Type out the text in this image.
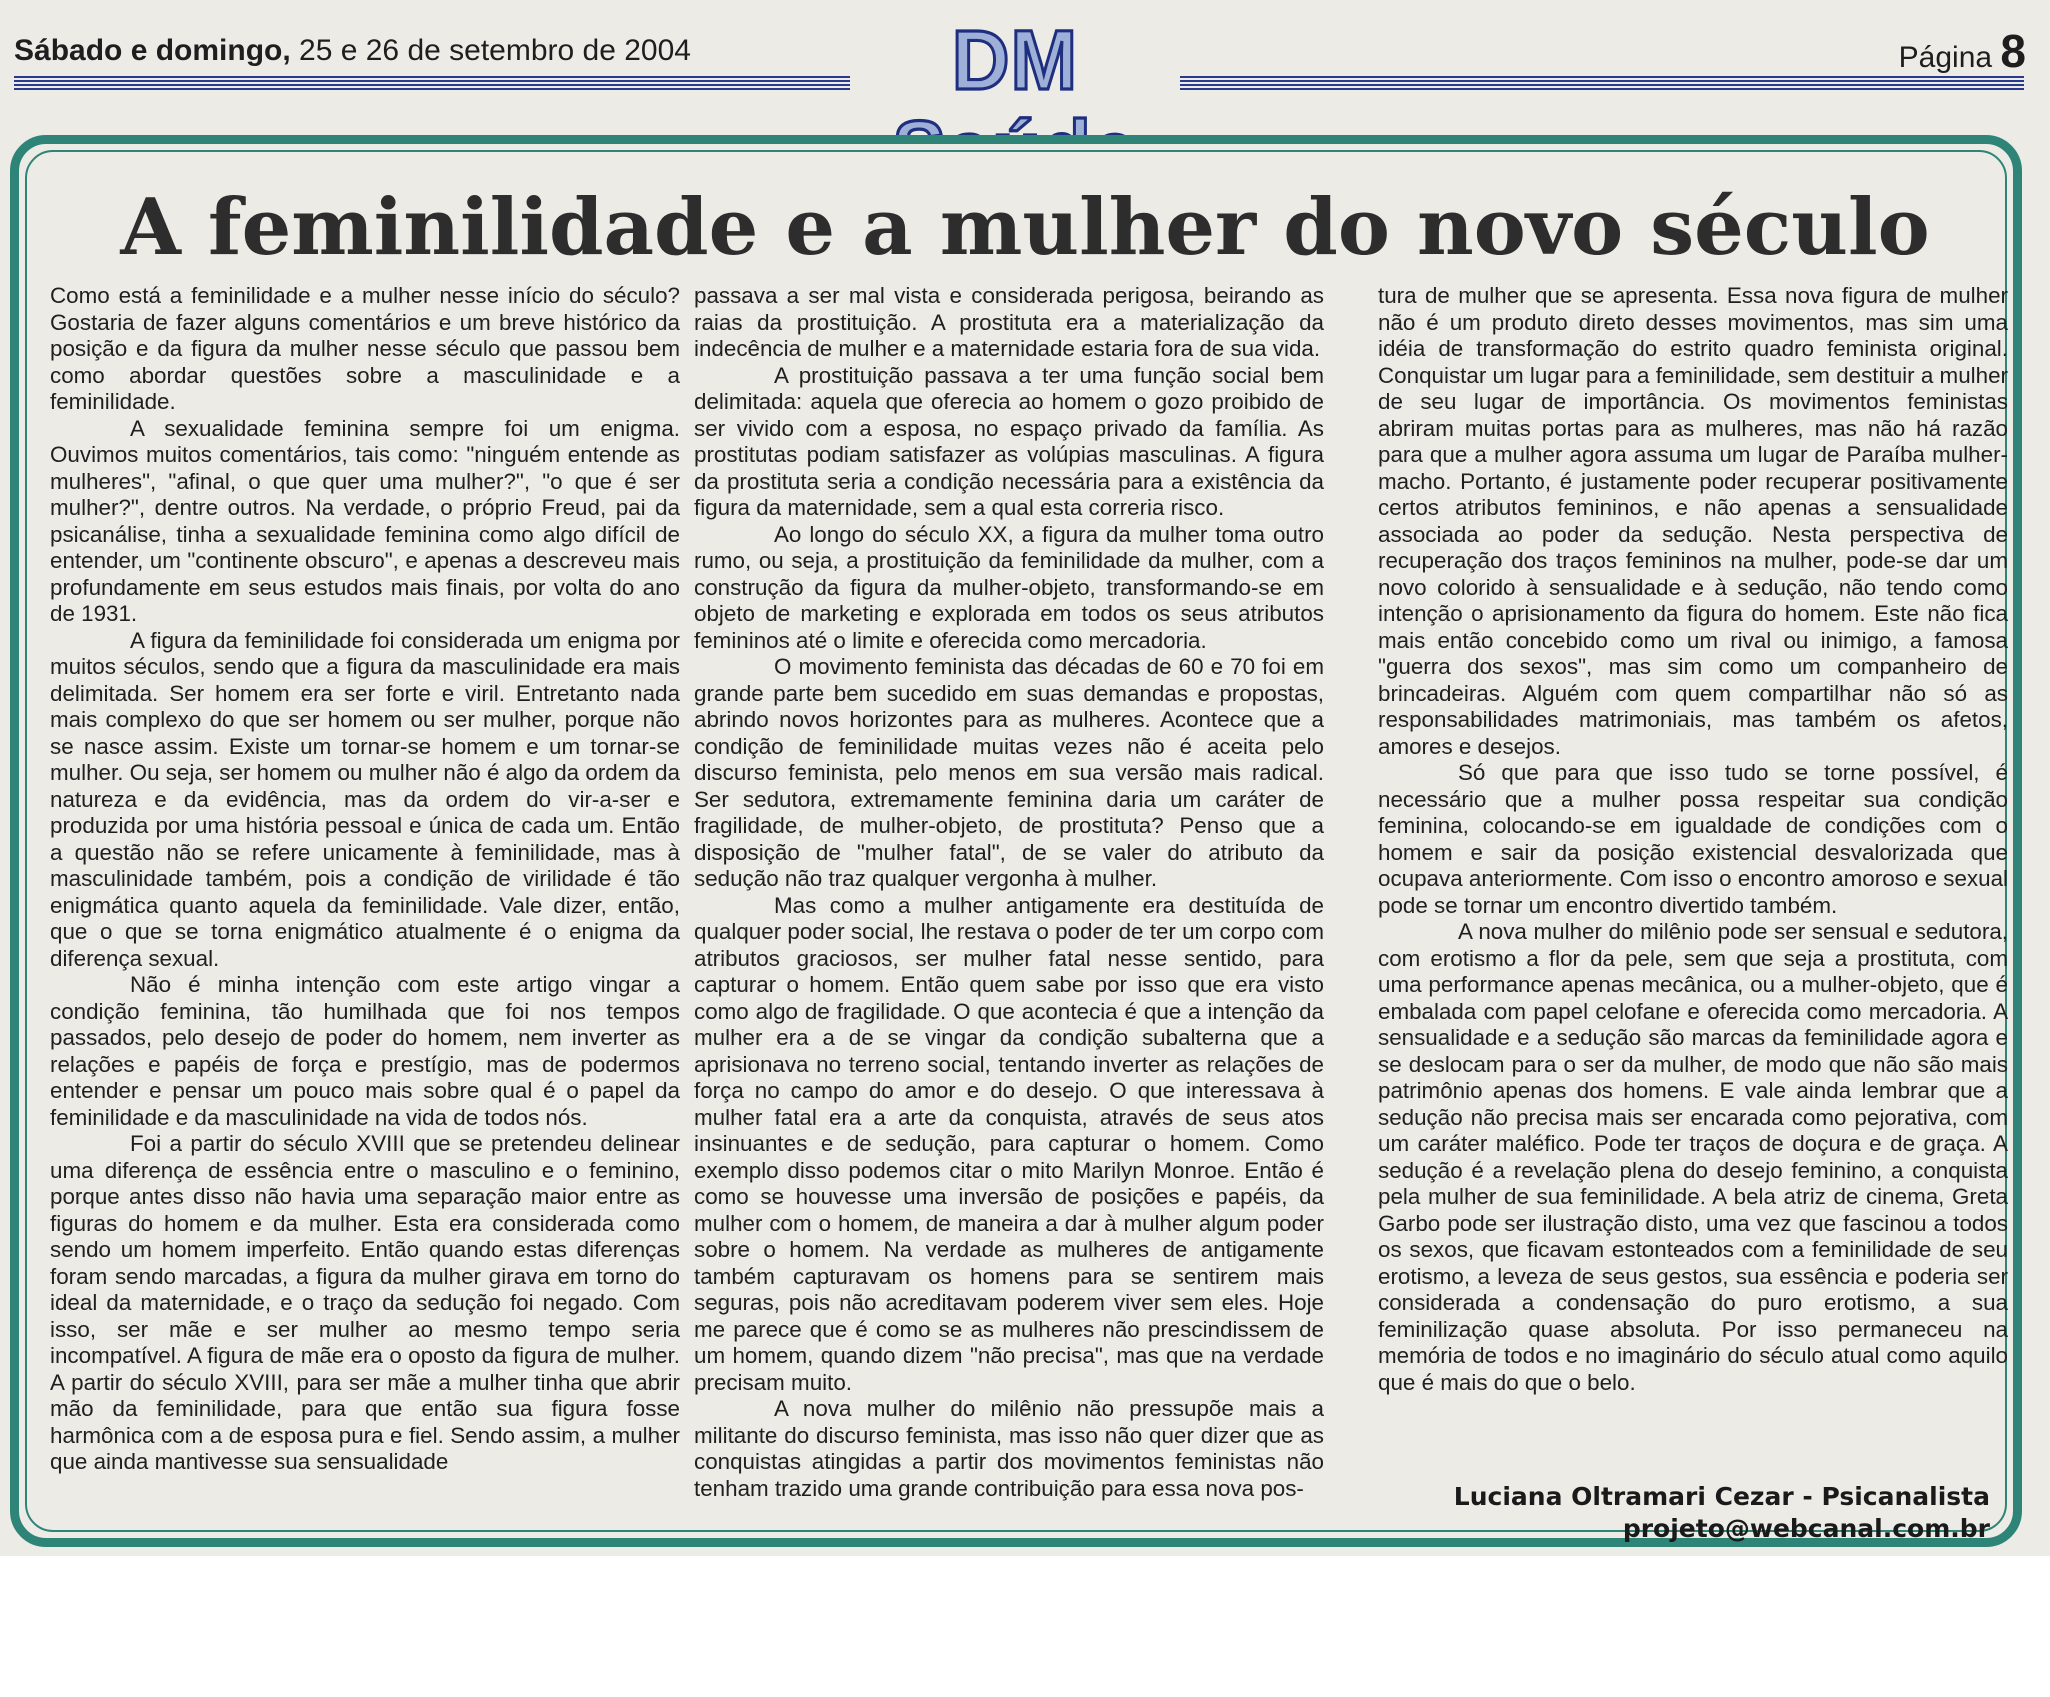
Sábado e domingo, 25 e 26 de setembro de 2004	DM	Página 8
A feminilidade e a mulher do novo século

Como está a feminilidade e a mulher nesse início do século? Gostaria de fazer alguns comentários e um breve histórico da posição e da figura da mulher nesse século que passou bem como abordar questões sobre a masculinidade e a feminilidade.

A sexualidade feminina sempre foi um enigma. Ouvimos muitos comentários, tais como: "ninguém entende as mulheres", "afinal, o que quer uma mulher?", "o que é ser mulher?", dentre outros. Na verdade, o próprio Freud, pai da psicanálise, tinha a sexualidade feminina como algo difícil de entender, um "continente obscuro", e apenas a descreveu mais profundamente em seus estudos mais finais, por volta do ano de 1931.

A figura da feminilidade foi considerada um enigma por muitos séculos, sendo que a figura da masculinidade era mais delimitada. Ser homem era ser forte e viril. Entretanto nada mais complexo do que ser homem ou ser mulher, porque não se nasce assim. Existe um tornar-se homem e um tornar-se mulher. Ou seja, ser homem ou mulher não é algo da ordem da natureza e da evidência, mas da ordem do vir-a-ser e produzida por uma história pessoal e única de cada um. Então a questão não se refere unicamente à feminilidade, mas à masculinidade também, pois a condição de virilidade é tão enigmática quanto aquela da feminilidade. Vale dizer, então, que o que se torna enigmático atualmente é o enigma da diferença sexual.

Não é minha intenção com este artigo vingar a condição feminina, tão humilhada que foi nos tempos passados, pelo desejo de poder do homem, nem inverter as relações e papéis de força e prestígio, mas de podermos entender e pensar um pouco mais sobre qual é o papel da feminilidade e da masculinidade na vida de todos nós.

Foi a partir do século XVIII que se pretendeu delinear uma diferença de essência entre o masculino e o feminino, porque antes disso não havia uma separação maior entre as figuras do homem e da mulher. Esta era considerada como sendo um homem imperfeito. Então quando estas diferenças foram sendo marcadas, a figura da mulher girava em torno do ideal da maternidade, e o traço da sedução foi negado. Com isso, ser mãe e ser mulher ao mesmo tempo seria incompatível. A figura de mãe era o oposto da figura de mulher. A partir do século XVIII, para ser mãe a mulher tinha que abrir mão da feminilidade, para que então sua figura fosse harmônica com a de esposa pura e fiel. Sendo assim, a mulher que ainda mantivesse sua sensualidade

passava a ser mal vista e considerada perigosa, beirando as raias da prostituição. A prostituta era a materialização da indecência de mulher e a maternidade estaria fora de sua vida.

A prostituição passava a ter uma função social bem delimitada: aquela que oferecia ao homem o gozo proibido de ser vivido com a esposa, no espaço privado da família. As prostitutas podiam satisfazer as volúpias masculinas. A figura da prostituta seria a condição necessária para a existência da figura da maternidade, sem a qual esta correria risco.

Ao longo do século XX, a figura da mulher toma outro rumo, ou seja, a prostituição da feminilidade da mulher, com a construção da figura da mulher-objeto, transformando-se em objeto de marketing e explorada em todos os seus atributos femininos até o limite e oferecida como mercadoria.

O movimento feminista das décadas de 60 e 70 foi em grande parte bem sucedido em suas demandas e propostas, abrindo novos horizontes para as mulheres. Acontece que a condição de feminilidade muitas vezes não é aceita pelo discurso feminista, pelo menos em sua versão mais radical. Ser sedutora, extremamente feminina daria um caráter de fragilidade, de mulher-objeto, de prostituta? Penso que a disposição de "mulher fatal", de se valer do atributo da sedução não traz qualquer vergonha à mulher.

Mas como a mulher antigamente era destituída de qualquer poder social, lhe restava o poder de ter um corpo com atributos graciosos, ser mulher fatal nesse sentido, para capturar o homem. Então quem sabe por isso que era visto como algo de fragilidade. O que acontecia é que a intenção da mulher era a de se vingar da condição subalterna que a aprisionava no terreno social, tentando inverter as relações de força no campo do amor e do desejo. O que interessava à mulher fatal era a arte da conquista, através de seus atos insinuantes e de sedução, para capturar o homem. Como exemplo disso podemos citar o mito Marilyn Monroe. Então é como se houvesse uma inversão de posições e papéis, da mulher com o homem, de maneira a dar à mulher algum poder sobre o homem. Na verdade as mulheres de antigamente também capturavam os homens para se sentirem mais seguras, pois não acreditavam poderem viver sem eles. Hoje me parece que é como se as mulheres não prescindissem de um homem, quando dizem "não precisa", mas que na verdade precisam muito.

A nova mulher do milênio não pressupõe mais a militante do discurso feminista, mas isso não quer dizer que as conquistas atingidas a partir dos movimentos feministas não tenham trazido uma grande contribuição para essa nova pos-

tura de mulher que se apresenta. Essa nova figura de mulher não é um produto direto desses movimentos, mas sim uma idéia de transformação do estrito quadro feminista original. Conquistar um lugar para a feminilidade, sem destituir a mulher de seu lugar de importância. Os movimentos feministas abriram muitas portas para as mulheres, mas não há razão para que a mulher agora assuma um lugar de Paraíba mulher-macho. Portanto, é justamente poder recuperar positivamente certos atributos femininos, e não apenas a sensualidade associada ao poder da sedução. Nesta perspectiva de recuperação dos traços femininos na mulher, pode-se dar um novo colorido à sensualidade e à sedução, não tendo como intenção o aprisionamento da figura do homem. Este não fica mais então concebido como um rival ou inimigo, a famosa "guerra dos sexos", mas sim como um companheiro de brincadeiras. Alguém com quem compartilhar não só as responsabilidades matrimoniais, mas também os afetos, amores e desejos.

Só que para que isso tudo se torne possível, é necessário que a mulher possa respeitar sua condição feminina, colocando-se em igualdade de condições com o homem e sair da posição existencial desvalorizada que ocupava anteriormente. Com isso o encontro amoroso e sexual pode se tornar um encontro divertido também.

A nova mulher do milênio pode ser sensual e sedutora, com erotismo a flor da pele, sem que seja a prostituta, com uma performance apenas mecânica, ou a mulher-objeto, que é embalada com papel celofane e oferecida como mercadoria. A sensualidade e a sedução são marcas da feminilidade agora e se deslocam para o ser da mulher, de modo que não são mais patrimônio apenas dos homens. E vale ainda lembrar que a sedução não precisa mais ser encarada como pejorativa, com um caráter maléfico. Pode ter traços de doçura e de graça. A sedução é a revelação plena do desejo feminino, a conquista pela mulher de sua feminilidade. A bela atriz de cinema, Greta Garbo pode ser ilustração disto, uma vez que fascinou a todos os sexos, que ficavam estonteados com a feminilidade de seu erotismo, a leveza de seus gestos, sua essência e poderia ser considerada a condensação do puro erotismo, a sua feminilização quase absoluta. Por isso permaneceu na memória de todos e no imaginário do século atual como aquilo que é mais do que o belo.

Luciana Oltramari Cezar - Psicanalista
projeto@webcanal.com.br
